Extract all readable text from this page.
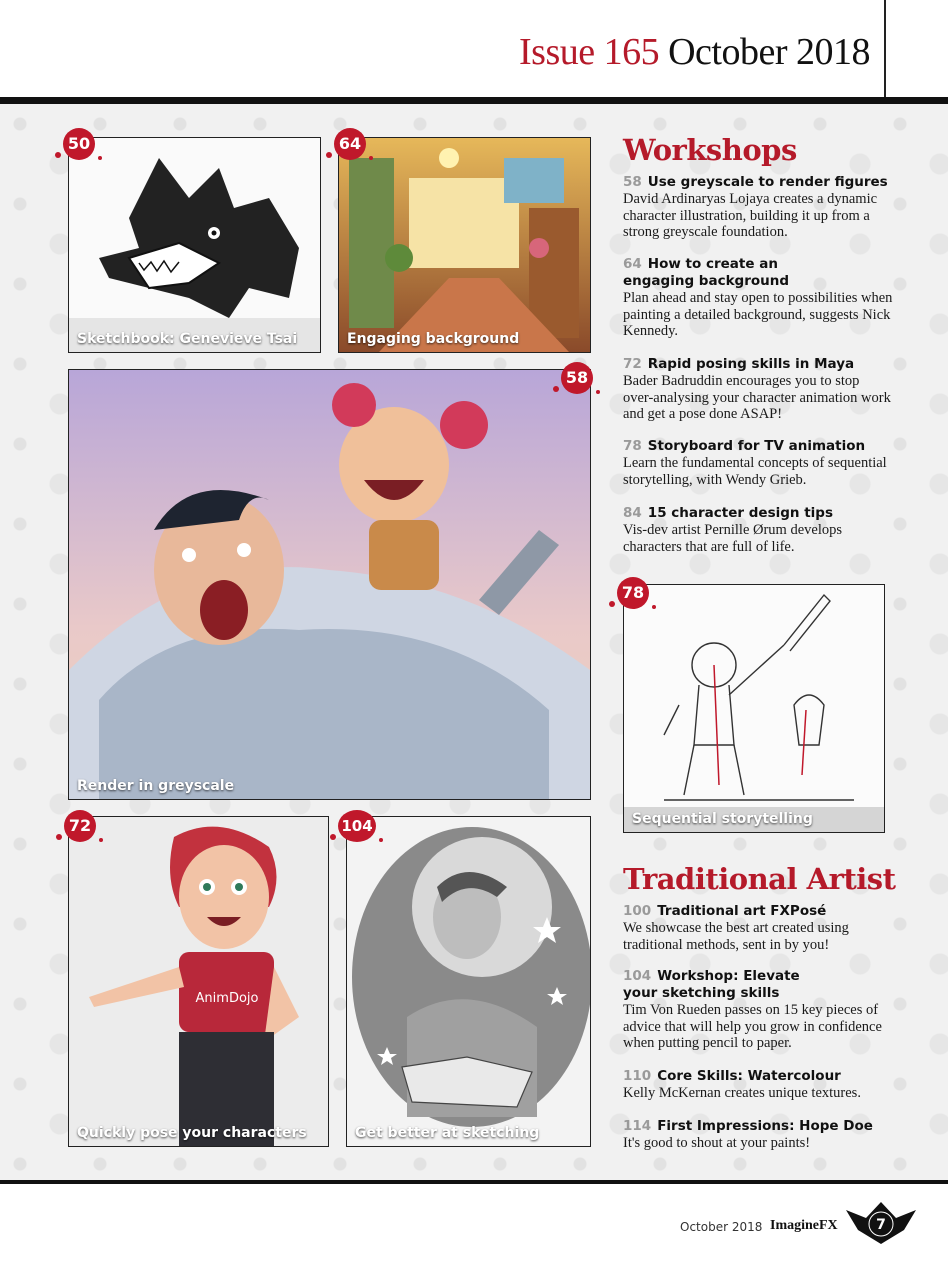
Issue 165 October 2018
Sketchbook: Genevieve Tsai
50
Engaging background
64
Render in greyscale
58
Sequential storytelling
78
AnimDojo
Quickly pose your characters
72
Get better at sketching
104
Workshops
58 Use greyscale to render figures
David Ardinaryas Lojaya creates a dynamic character illustration, building it up from a strong greyscale foundation.
64 How to create an engaging background
Plan ahead and stay open to possibilities when painting a detailed background, suggests Nick Kennedy.
72 Rapid posing skills in Maya
Bader Badruddin encourages you to stop over-analysing your character animation work and get a pose done ASAP!
78 Storyboard for TV animation
Learn the fundamental concepts of sequential storytelling, with Wendy Grieb.
84 15 character design tips
Vis-dev artist Pernille Ørum develops characters that are full of life.
Traditional Artist
100 Traditional art FXPosé
We showcase the best art created using traditional methods, sent in by you!
104 Workshop: Elevate your sketching skills
Tim Von Rueden passes on 15 key pieces of advice that will help you grow in confidence when putting pencil to paper.
110 Core Skills: Watercolour
Kelly McKernan creates unique textures.
114 First Impressions: Hope Doe
It's good to shout at your paints!
October 2018 ImagineFX	7
